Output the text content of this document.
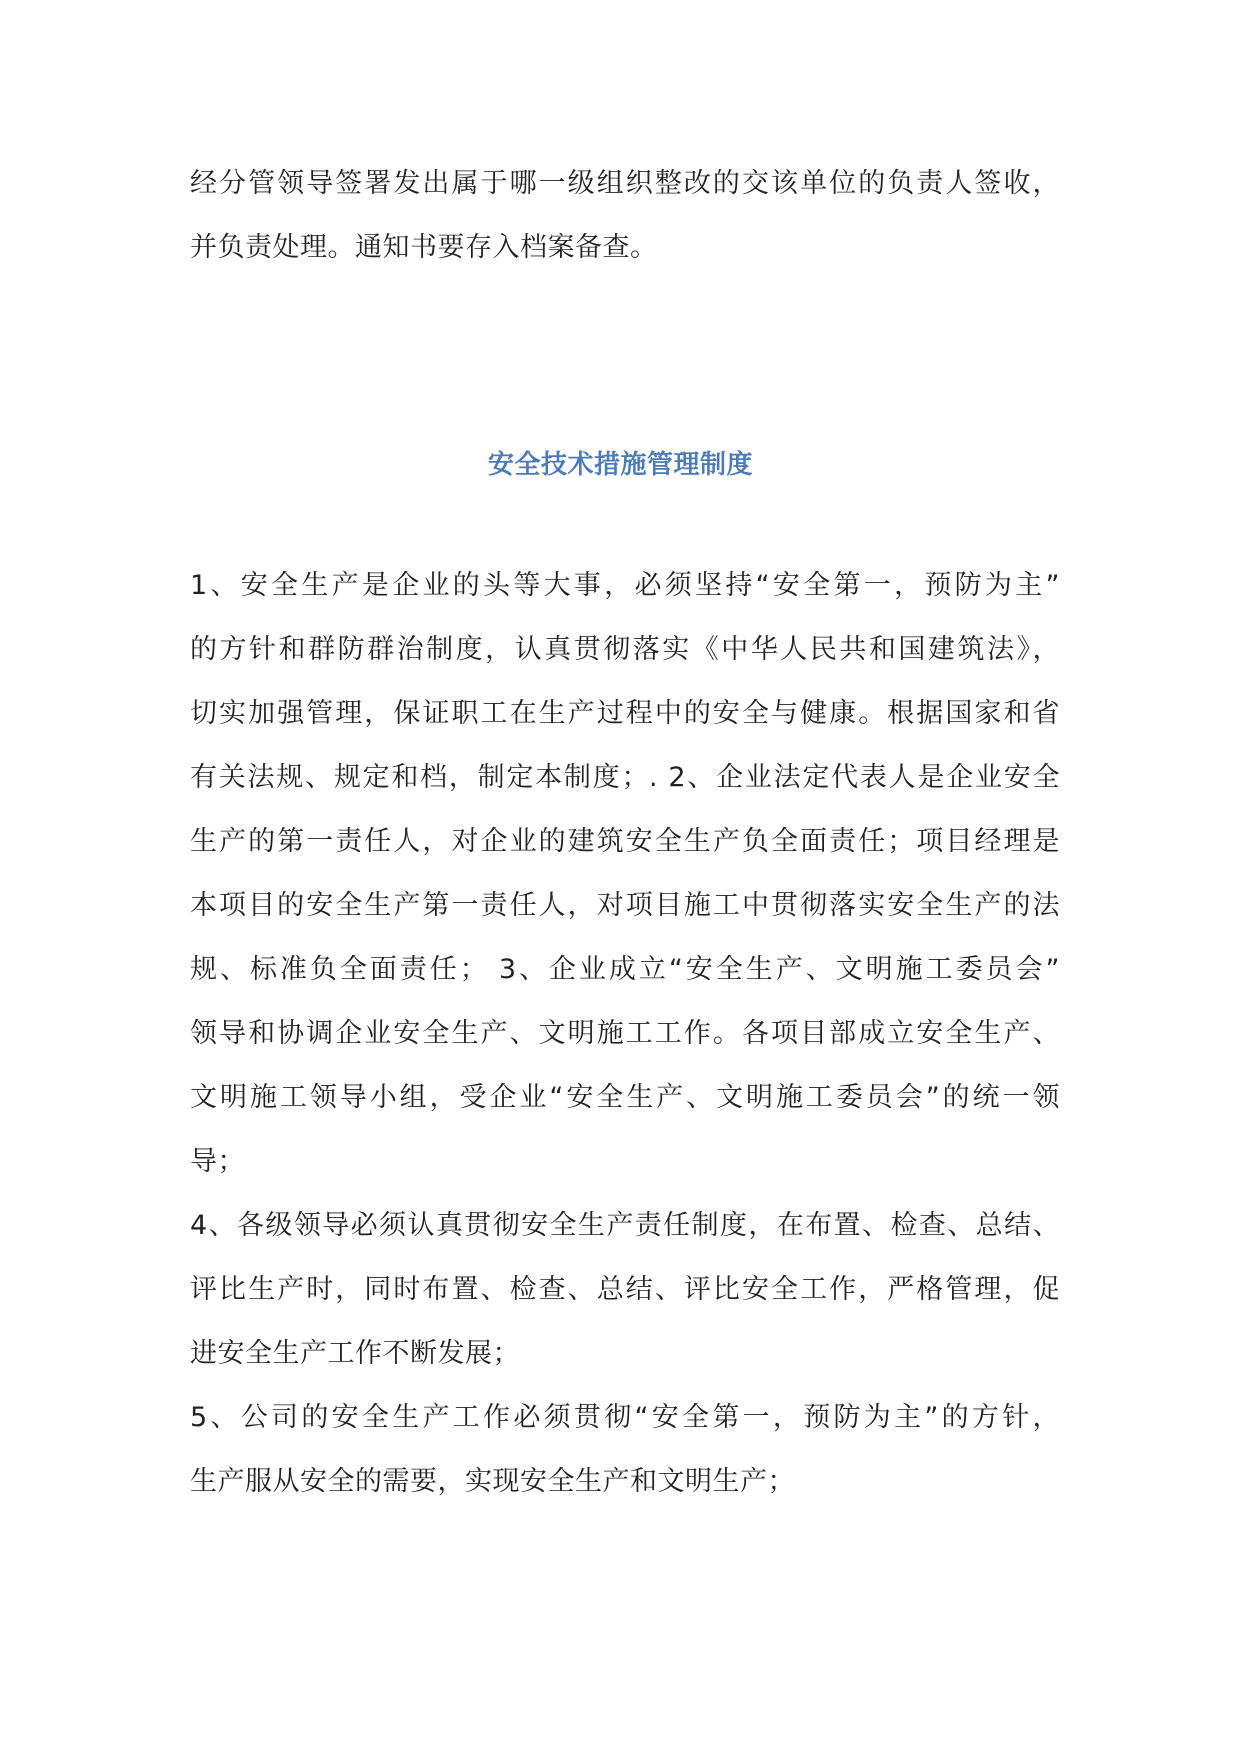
经分管领导签署发出属于哪一级组织整改的交该单位的负责人签收，
并负责处理。通知书要存入档案备查。
安全技术措施管理制度
1、安全生产是企业的头等大事，必须坚持“安全第一，预防为主”
的方针和群防群治制度，认真贯彻落实《中华人民共和国建筑法》，
切实加强管理，保证职工在生产过程中的安全与健康。根据国家和省
有关法规、规定和档，制定本制度；. 2、企业法定代表人是企业安全
生产的第一责任人，对企业的建筑安全生产负全面责任；项目经理是
本项目的安全生产第一责任人，对项目施工中贯彻落实安全生产的法
规、标准负全面责任； 3、企业成立“安全生产、文明施工委员会”
领导和协调企业安全生产、文明施工工作。各项目部成立安全生产、
文明施工领导小组，受企业“安全生产、文明施工委员会”的统一领
导；
4、各级领导必须认真贯彻安全生产责任制度，在布置、检查、总结、
评比生产时，同时布置、检查、总结、评比安全工作，严格管理，促
进安全生产工作不断发展；
5、公司的安全生产工作必须贯彻“安全第一，预防为主”的方针，
生产服从安全的需要，实现安全生产和文明生产；
